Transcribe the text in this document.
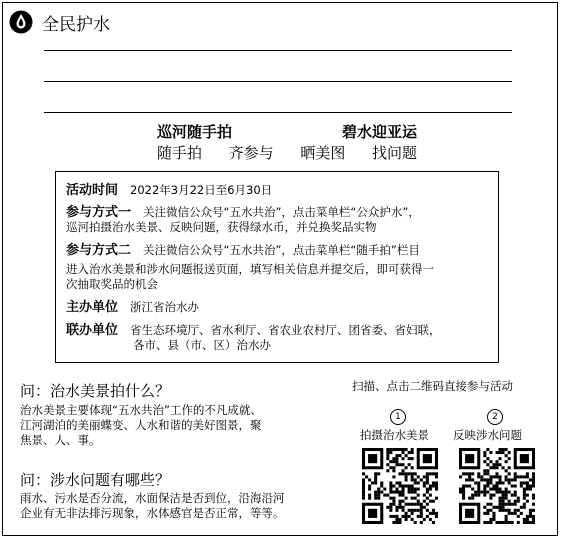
全民护水
巡河随手拍	碧水迎亚运
随手拍 齐参与 晒美图 找问题
活动时间 2022年3月22日至6月30日
参与方式一 关注微信公众号“五水共治”，点击菜单栏“公众护水”，
巡河拍摄治水美景、反映问题，获得绿水币，并兑换奖品实物
参与方式二 关注微信公众号“五水共治”，点击菜单栏“随手拍”栏目
进入治水美景和涉水问题报送页面，填写相关信息并提交后，即可获得一
次抽取奖品的机会
主办单位 浙江省治水办
联办单位 省生态环境厅、省水利厅、省农业农村厅、团省委、省妇联，
各市、县（市、区）治水办
问：治水美景拍什么？
治水美景主要体现“五水共治”工作的不凡成就、
江河湖泊的美丽蝶变、人水和谐的美好图景，聚
焦景、人、事。
问：涉水问题有哪些？
雨水、污水是否分流，水面保洁是否到位，沿海沿河
企业有无非法排污现象，水体感官是否正常，等等。
扫描、点击二维码直接参与活动
1
拍摄治水美景
2
反映涉水问题
